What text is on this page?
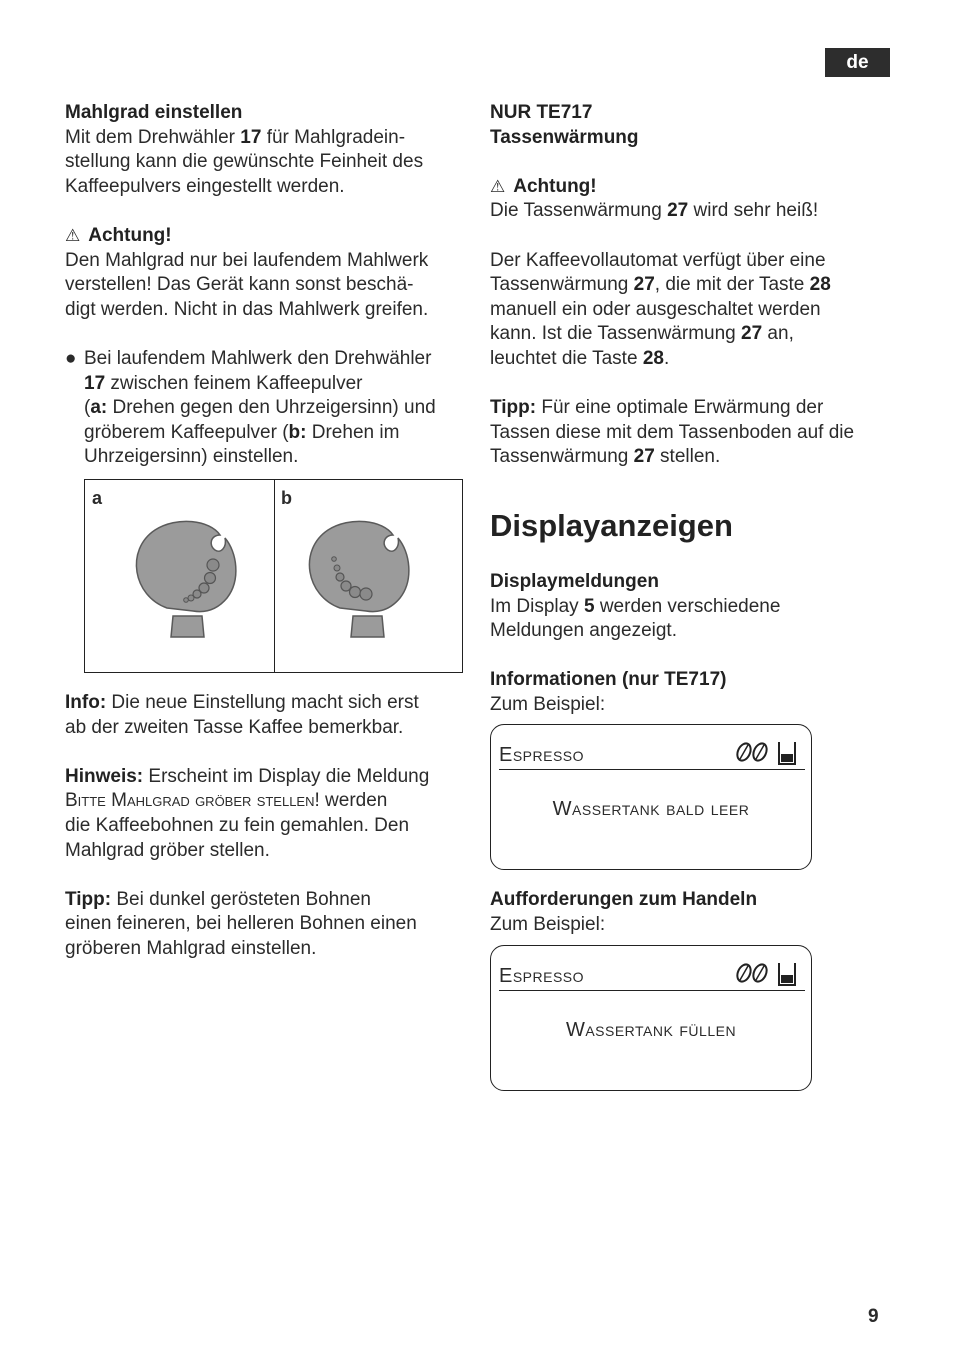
de

Mahlgrad einstellen

Mit dem Drehwähler 17 für Mahlgradein-

stellung kann die gewünschte Feinheit des

Kaffeepulvers eingestellt werden.

⚠ Achtung!

Den Mahlgrad nur bei laufendem Mahlwerk

verstellen! Das Gerät kann sonst beschä-

digt werden. Nicht in das Mahlwerk greifen.

● Bei laufendem Mahlwerk den Drehwähler

17 zwischen feinem Kaffeepulver

(a: Drehen gegen den Uhrzeigersinn) und

gröberem Kaffeepulver (b: Drehen im

Uhrzeigersinn) einstellen.

a	b

Info: Die neue Einstellung macht sich erst

ab der zweiten Tasse Kaffee bemerkbar.

Hinweis: Erscheint im Display die Meldung

Bitte Mahlgrad gröber stellen! werden

die Kaffeebohnen zu fein gemahlen. Den

Mahlgrad gröber stellen.

Tipp: Bei dunkel gerösteten Bohnen

einen feineren, bei helleren Bohnen einen

gröberen Mahlgrad einstellen.

NUR TE717

Tassenwärmung

⚠ Achtung!

Die Tassenwärmung 27 wird sehr heiß!

Der Kaffeevollautomat verfügt über eine

Tassenwärmung 27, die mit der Taste 28

manuell ein oder ausgeschaltet werden

kann. Ist die Tassenwärmung 27 an,

leuchtet die Taste 28.

Tipp: Für eine optimale Erwärmung der

Tassen diese mit dem Tassenboden auf die

Tassenwärmung 27 stellen.

Displayanzeigen

Displaymeldungen

Im Display 5 werden verschiedene

Meldungen angezeigt.

Informationen (nur TE717)

Zum Beispiel:

Espresso
Wassertank bald leer

Aufforderungen zum Handeln

Zum Beispiel:

Espresso
Wassertank füllen
9
